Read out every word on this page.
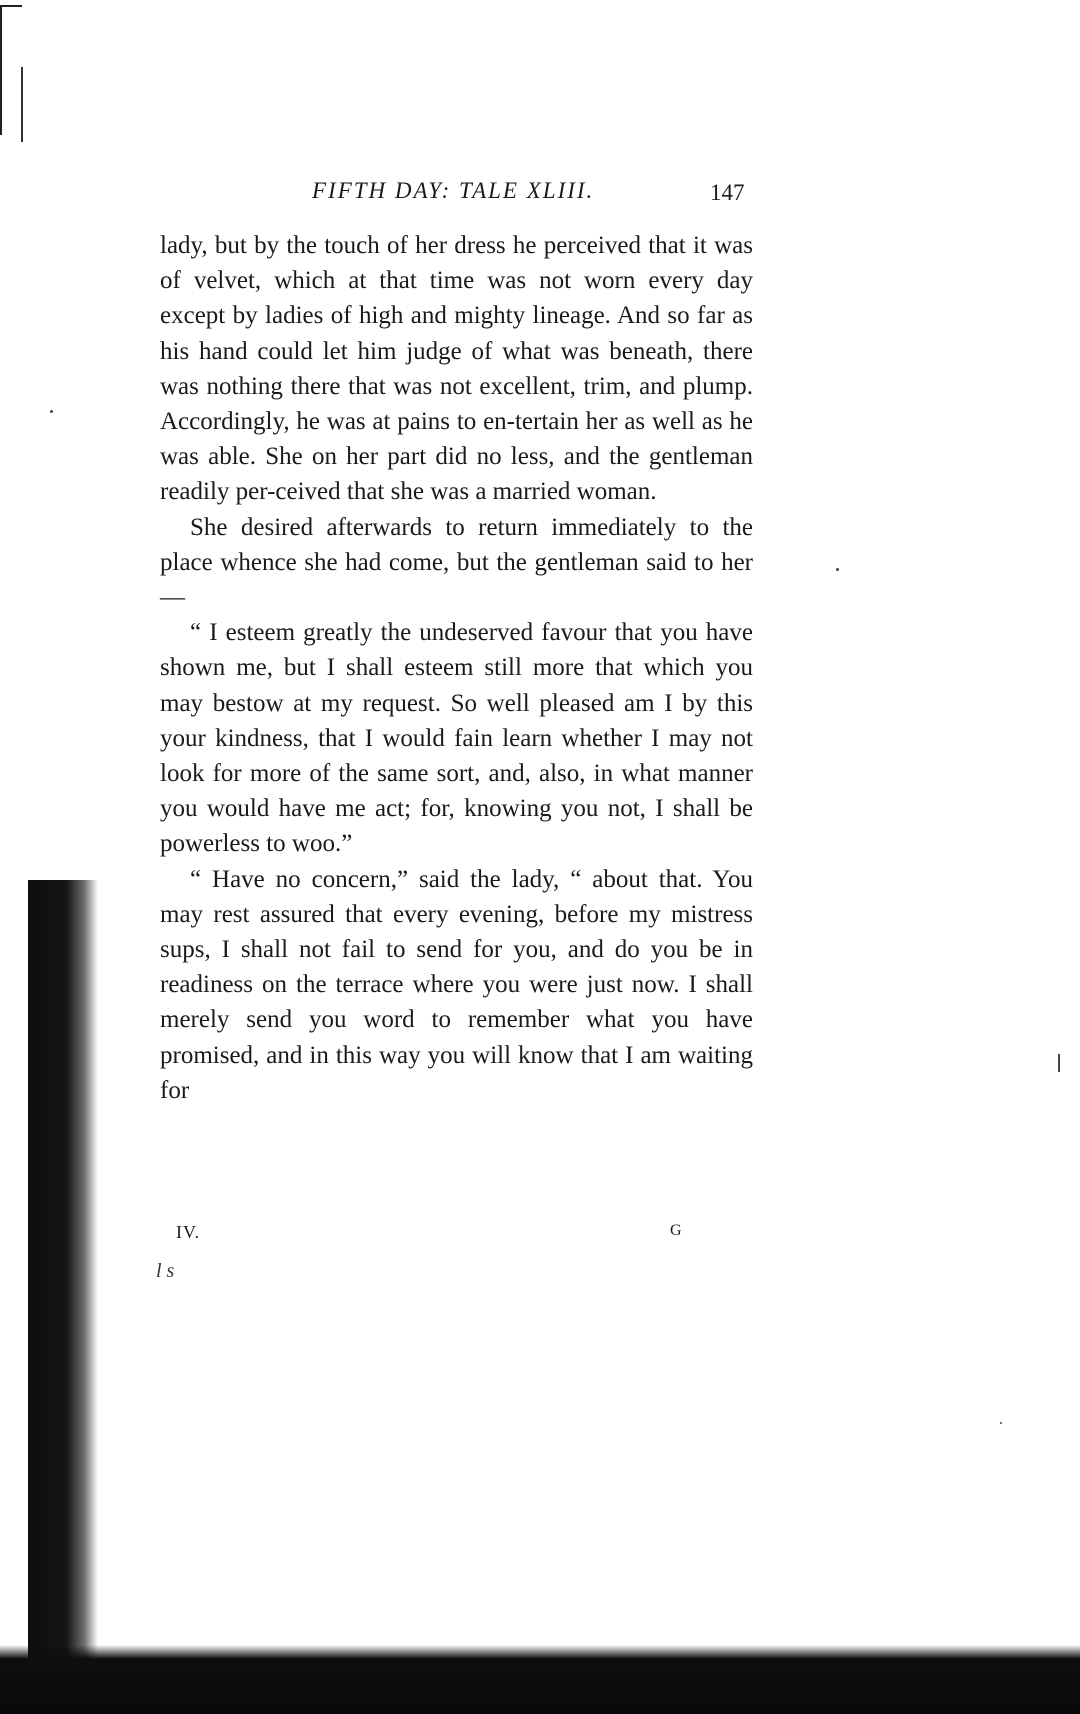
FIFTH DAY: TALE XLIII.	147

lady, but by the touch of her dress he perceived that it was of velvet, which at that time was not worn every day except by ladies of high and mighty lineage. And so far as his hand could let him judge of what was beneath, there was nothing there that was not excellent, trim, and plump. Accordingly, he was at pains to en-tertain her as well as he was able. She on her part did no less, and the gentleman readily per-ceived that she was a married woman.

She desired afterwards to return immediately to the place whence she had come, but the gentleman said to her—

“ I esteem greatly the undeserved favour that you have shown me, but I shall esteem still more that which you may bestow at my request. So well pleased am I by this your kindness, that I would fain learn whether I may not look for more of the same sort, and, also, in what manner you would have me act; for, knowing you not, I shall be powerless to woo.”

“ Have no concern,” said the lady, “ about that. You may rest assured that every evening, before my mistress sups, I shall not fail to send for you, and do you be in readiness on the terrace where you were just now. I shall merely send you word to remember what you have promised, and in this way you will know that I am waiting for

IV.	G
l s
